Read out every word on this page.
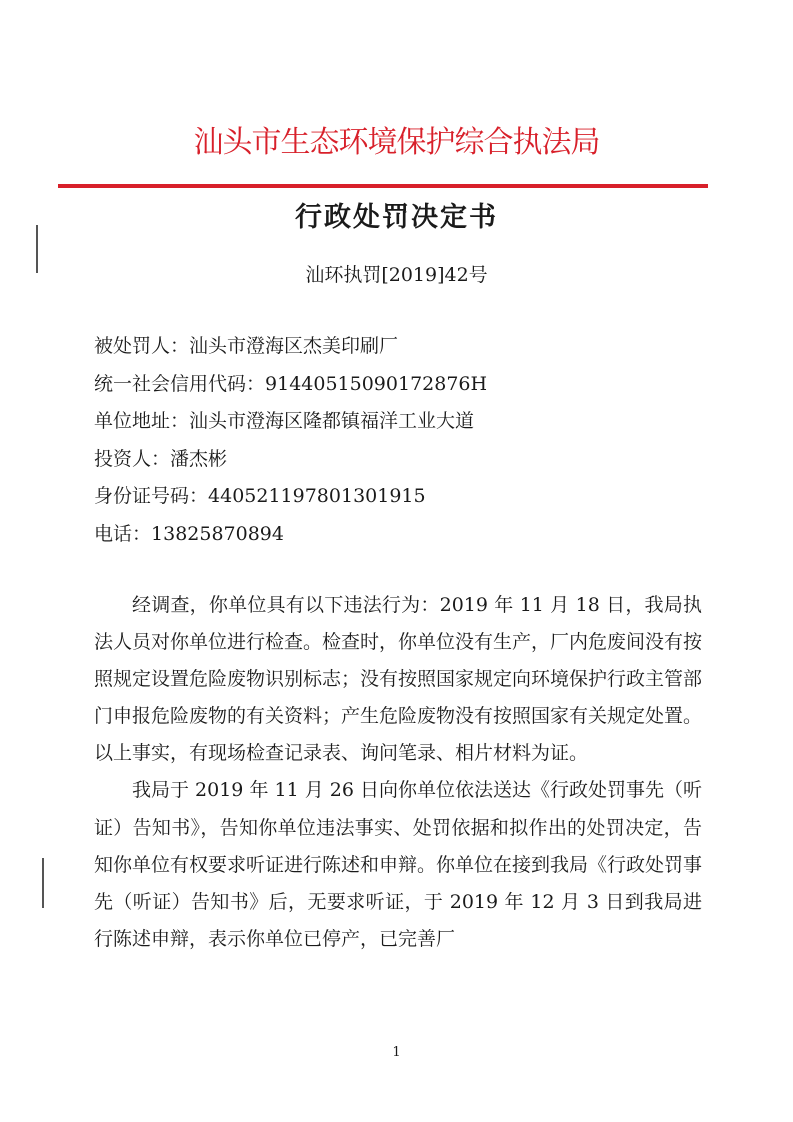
汕头市生态环境保护综合执法局
行政处罚决定书
汕环执罚[2019]42号
被处罚人：汕头市澄海区杰美印刷厂
统一社会信用代码：91440515090172876H
单位地址：汕头市澄海区隆都镇福洋工业大道
投资人：潘杰彬
身份证号码：440521197801301915
电话：13825870894

经调查，你单位具有以下违法行为：2019 年 11 月 18 日，我局执法人员对你单位进行检查。检查时，你单位没有生产，厂内危废间没有按照规定设置危险废物识别标志；没有按照国家规定向环境保护行政主管部门申报危险废物的有关资料；产生危险废物没有按照国家有关规定处置。以上事实，有现场检查记录表、询问笔录、相片材料为证。

我局于 2019 年 11 月 26 日向你单位依法送达《行政处罚事先（听证）告知书》，告知你单位违法事实、处罚依据和拟作出的处罚决定，告知你单位有权要求听证进行陈述和申辩。你单位在接到我局《行政处罚事先（听证）告知书》后，无要求听证，于 2019 年 12 月 3 日到我局进行陈述申辩，表示你单位已停产，已完善厂

1
